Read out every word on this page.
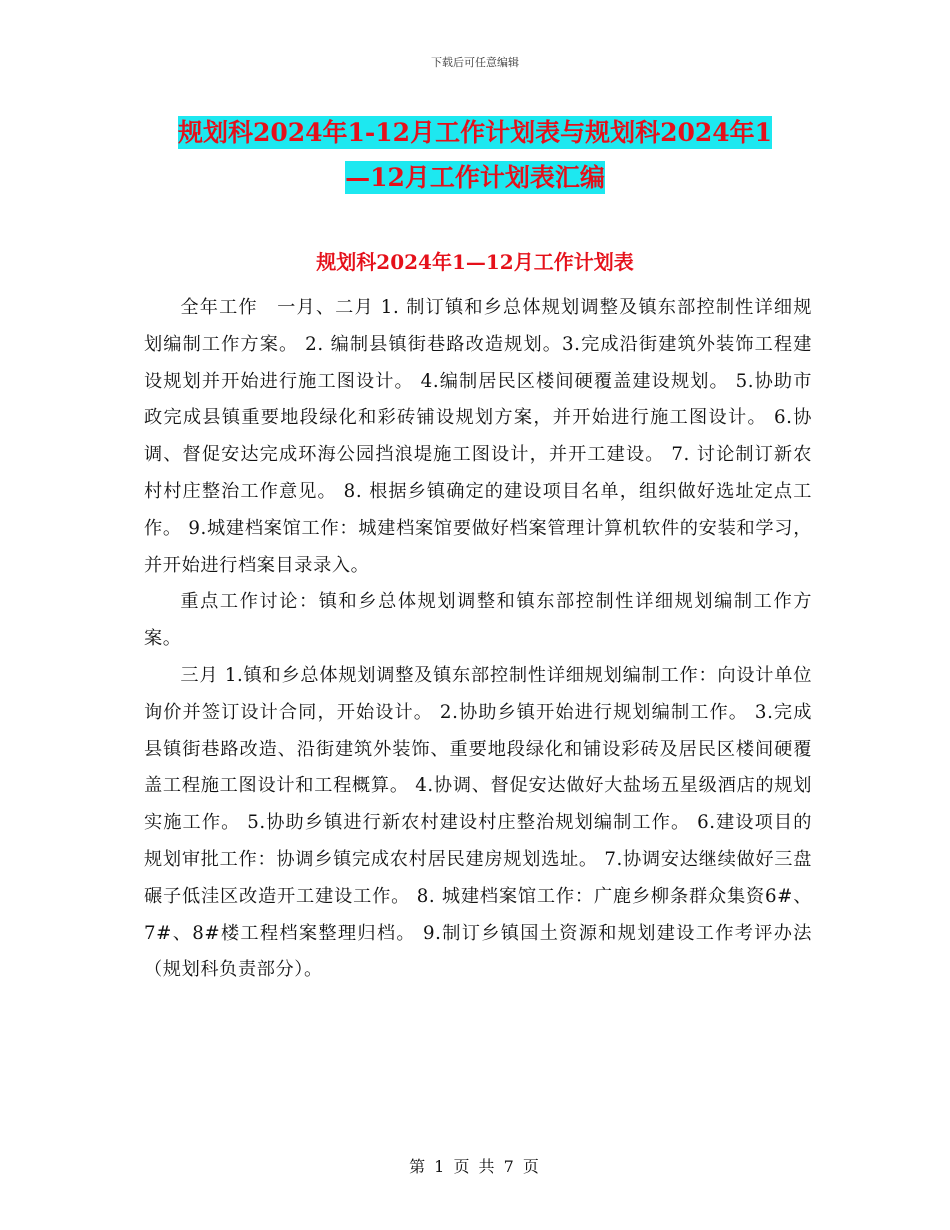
下载后可任意编辑
规划科2024年1-12月工作计划表与规划科2024年1
—12月工作计划表汇编
规划科2024年1—12月工作计划表

全年工作　一月、二月 1. 制订镇和乡总体规划调整及镇东部控制性详细规划编制工作方案。 2. 编制县镇街巷路改造规划。3.完成沿街建筑外装饰工程建设规划并开始进行施工图设计。 4.编制居民区楼间硬覆盖建设规划。 5.协助市政完成县镇重要地段绿化和彩砖铺设规划方案，并开始进行施工图设计。 6.协调、督促安达完成环海公园挡浪堤施工图设计，并开工建设。 7. 讨论制订新农村村庄整治工作意见。 8. 根据乡镇确定的建设项目名单，组织做好选址定点工作。 9.城建档案馆工作：城建档案馆要做好档案管理计算机软件的安装和学习，并开始进行档案目录录入。

重点工作讨论：镇和乡总体规划调整和镇东部控制性详细规划编制工作方案。

三月 1.镇和乡总体规划调整及镇东部控制性详细规划编制工作：向设计单位询价并签订设计合同，开始设计。 2.协助乡镇开始进行规划编制工作。 3.完成县镇街巷路改造、沿街建筑外装饰、重要地段绿化和铺设彩砖及居民区楼间硬覆盖工程施工图设计和工程概算。 4.协调、督促安达做好大盐场五星级酒店的规划实施工作。 5.协助乡镇进行新农村建设村庄整治规划编制工作。 6.建设项目的规划审批工作：协调乡镇完成农村居民建房规划选址。 7.协调安达继续做好三盘碾子低洼区改造开工建设工作。 8. 城建档案馆工作：广鹿乡柳条群众集资6#、7#、8#楼工程档案整理归档。 9.制订乡镇国土资源和规划建设工作考评办法（规划科负责部分）。

第 1 页 共 7 页
